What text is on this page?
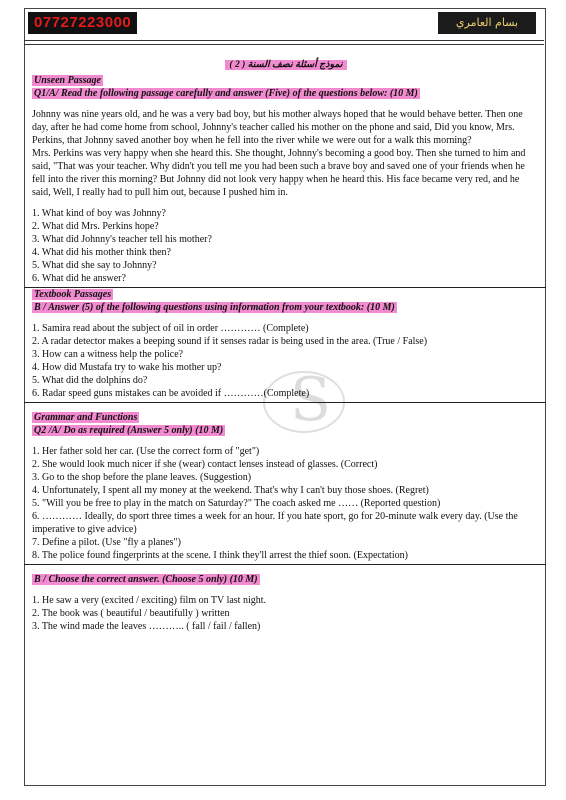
07727223000	بسام العامري
S
نموذج أسئلة نصف السنة ( 2 )
Unseen Passage
Q1/A/ Read the following passage carefully and answer (Five) of the questions below: (10 M)

Johnny was nine years old, and he was a very bad boy, but his mother always hoped that he would behave better. Then one day, after he had come home from school, Johnny's teacher called his mother on the phone and said, Did you know, Mrs. Perkins, that Johnny saved another boy when he fell into the river while we were out for a walk this morning?

Mrs. Perkins was very happy when she heard this. She thought, Johnny's becoming a good boy. Then she turned to him and said, "That was your teacher. Why didn't you tell me you had been such a brave boy and saved one of your friends when he fell into the river this morning? But Johnny did not look very happy when he heard this. His face became very red, and he said, Well, I really had to pull him out, because I pushed him in.

1. What kind of boy was Johnny?
2. What did Mrs. Perkins hope?
3. What did Johnny's teacher tell his mother?
4. What did his mother think then?
5. What did she say to Johnny?
6. What did he answer?
Textbook Passages
B / Answer (5) of the following questions using information from your textbook: (10 M)
1. Samira read about the subject of oil in order ………… (Complete)
2. A radar detector makes a beeping sound if it senses radar is being used in the area. (True / False)
3. How can a witness help the police?
4. How did Mustafa try to wake his mother up?
5. What did the dolphins do?
6. Radar speed guns mistakes can be avoided if …………(Complete)
Grammar and Functions
Q2 /A/ Do as required (Answer 5 only) (10 M)
1. Her father sold her car. (Use the correct form of "get")
2. She would look much nicer if she (wear) contact lenses instead of glasses. (Correct)
3. Go to the shop before the plane leaves. (Suggestion)
4. Unfortunately, I spent all my money at the weekend. That's why I can't buy those shoes. (Regret)
5. "Will you be free to play in the match on Saturday?" The coach asked me …… (Reported question)
6. ………… Ideally, do sport three times a week for an hour. If you hate sport, go for 20-minute walk every day. (Use the imperative to give advice)
7. Define a pilot. (Use "fly a planes")
8. The police found fingerprints at the scene. I think they'll arrest the thief soon. (Expectation)
B / Choose the correct answer. (Choose 5 only) (10 M)
1. He saw a very (excited / exciting) film on TV last night.
2. The book was ( beautiful / beautifully ) written
3. The wind made the leaves ……….. ( fall / fail / fallen)
